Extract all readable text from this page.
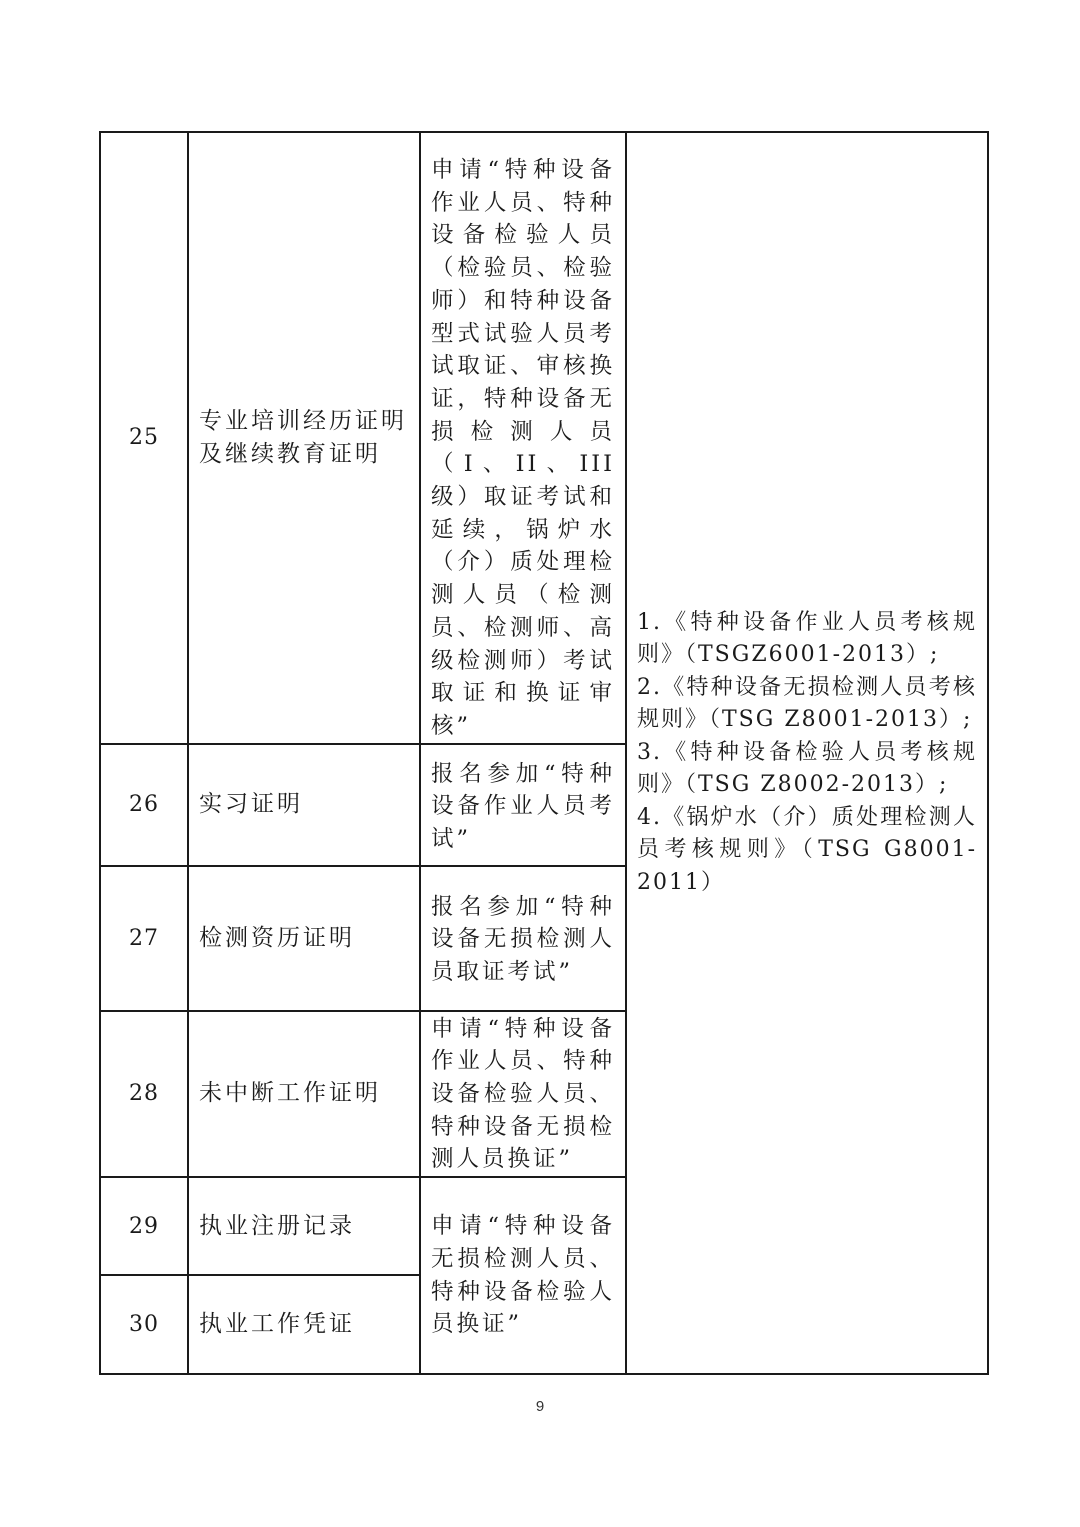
25	专业培训经历证明及继续教育证明	申请“特种设备作业人员、特种设备检验人员（检验员、检验师）和特种设备型式试验人员考试取证、审核换证，特种设备无损检测人员（I、II、III级）取证考试和延续，锅炉水（介）质处理检测人员（检测员、检测师、高级检测师）考试取证和换证审核”	1.《特种设备作业人员考核规则》（TSGZ6001-2013）;
2.《特种设备无损检测人员考核规则》（TSG Z8001-2013）;
3.《特种设备检验人员考核规则》（TSG Z8002-2013）;
4.《锅炉水（介）质处理检测人员考核规则》（TSG G8001-2011）

26	实习证明	报名参加“特种设备作业人员考试”	
27	检测资历证明	报名参加“特种设备无损检测人员取证考试”	
28	未中断工作证明	申请“特种设备作业人员、特种设备检验人员、特种设备无损检测人员换证”	
29	执业注册记录	申请“特种设备无损检测人员、特种设备检验人员换证”	
30	执业工作凭证		
9
